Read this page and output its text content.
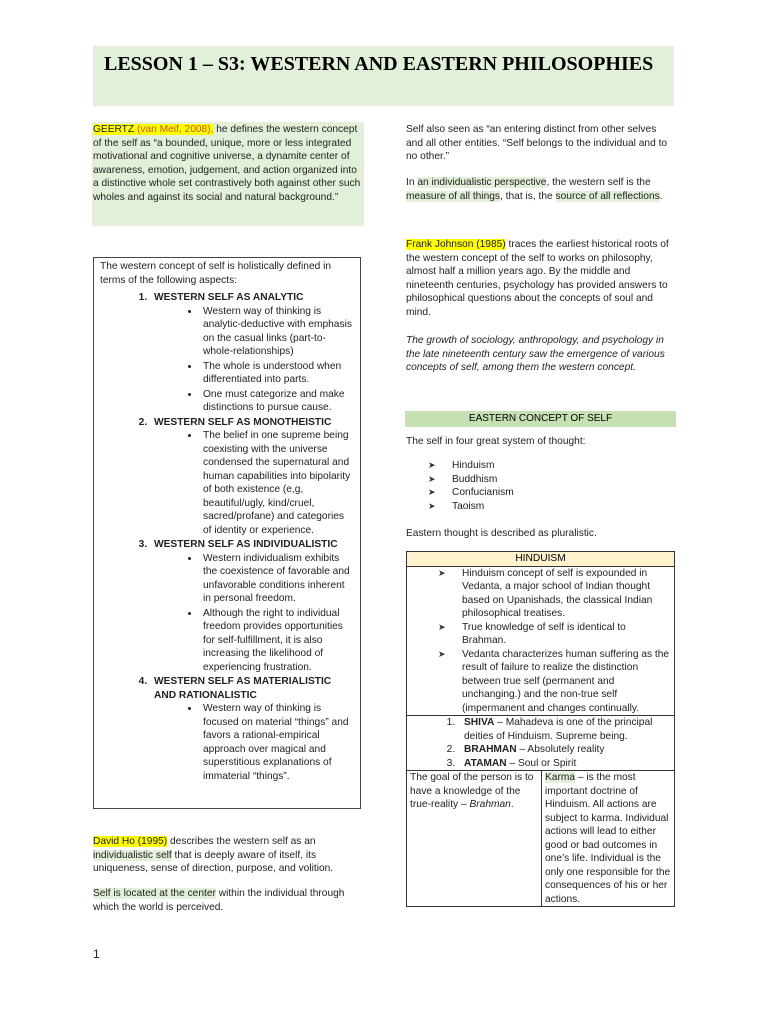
LESSON 1 – S3: WESTERN AND EASTERN PHILOSOPHIES

GEERTZ (van Meif, 2008), he defines the western concept of the self as “a bounded, unique, more or less integrated motivational and cognitive universe, a dynamite center of awareness, emotion, judgement, and action organized into a distinctive whole set contrastively both against other such wholes and against its social and natural background.”

The western concept of self is holistically defined in terms of the following aspects:

1. WESTERN SELF AS ANALYTIC
• Western way of thinking is analytic-deductive with emphasis on the casual links (part-to-whole-relationships)
• The whole is understood when differentiated into parts.
• One must categorize and make distinctions to pursue cause.
2. WESTERN SELF AS MONOTHEISTIC
• The belief in one supreme being coexisting with the universe condensed the supernatural and human capabilities into bipolarity of both existence (e,g, beautiful/ugly, kind/cruel, sacred/profane) and categories of identity or experience.
3. WESTERN SELF AS INDIVIDUALISTIC
• Western individualism exhibits the coexistence of favorable and unfavorable conditions inherent in personal freedom.
• Although the right to individual freedom provides opportunities for self-fulfillment, it is also increasing the likelihood of experiencing frustration.
4. WESTERN SELF AS MATERIALISTIC AND RATIONALISTIC
• Western way of thinking is focused on material “things” and favors a rational-empirical approach over magical and superstitious explanations of immaterial “things”.

David Ho (1995) describes the western self as an individualistic self that is deeply aware of itself, its uniqueness, sense of direction, purpose, and volition.

Self is located at the center within the individual through which the world is perceived.

Self also seen as “an entering distinct from other selves and all other entities. “Self belongs to the individual and to no other.”

In an individualistic perspective, the western self is the measure of all things, that is, the source of all reflections.

Frank Johnson (1985) traces the earliest historical roots of the western concept of the self to works on philosophy, almost half a million years ago. By the middle and nineteenth centuries, psychology has provided answers to philosophical questions about the concepts of soul and mind.

The growth of sociology, anthropology, and psychology in the late nineteenth century saw the emergence of various concepts of self, among them the western concept.

EASTERN CONCEPT OF SELF

The self in four great system of thought:

➤ Hinduism
➤ Buddhism
➤ Confucianism
➤ Taoism

Eastern thought is described as pluralistic.

HINDUISM

➤ Hinduism concept of self is expounded in Vedanta, a major school of Indian thought based on Upanishads, the classical Indian philosophical treatises.
➤ True knowledge of self is identical to Brahman.
➤ Vedanta characterizes human suffering as the result of failure to realize the distinction between true self (permanent and unchanging.) and the non-true self (impermanent and changes continually.

1. SHIVA – Mahadeva is one of the principal deities of Hinduism. Supreme being.
2. BRAHMAN – Absolutely reality
3. ATAMAN – Soul or Spirit

The goal of the person is to have a knowledge of the true-reality – Brahman.	Karma – is the most important doctrine of Hinduism. All actions are subject to karma. Individual actions will lead to either good or bad outcomes in one’s life. Individual is the only one responsible for the consequences of his or her actions.
1
